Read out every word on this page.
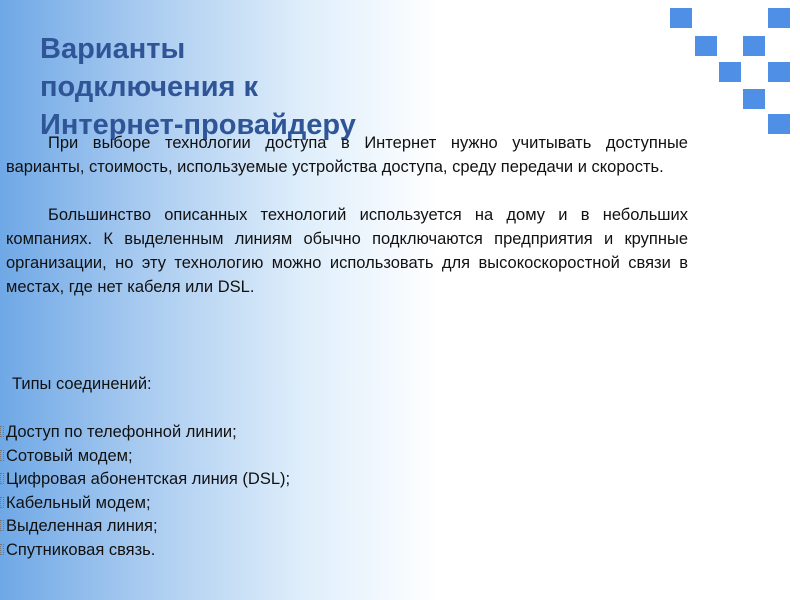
Варианты
подключения к
Интернет-провайдеру

При выборе технологии доступа в Интернет нужно учитывать доступные варианты, стоимость, используемые устройства доступа, среду передачи и скорость.

Большинство описанных технологий используется на дому и в небольших компаниях. К выделенным линиям обычно подключаются предприятия и крупные организации, но эту технологию можно использовать для высокоскоростной связи в местах, где нет кабеля или DSL.

Типы соединений:

Доступ по телефонной линии;
Сотовый модем;
Цифровая абонентская линия (DSL);
Кабельный модем;
Выделенная линия;
Спутниковая связь.
